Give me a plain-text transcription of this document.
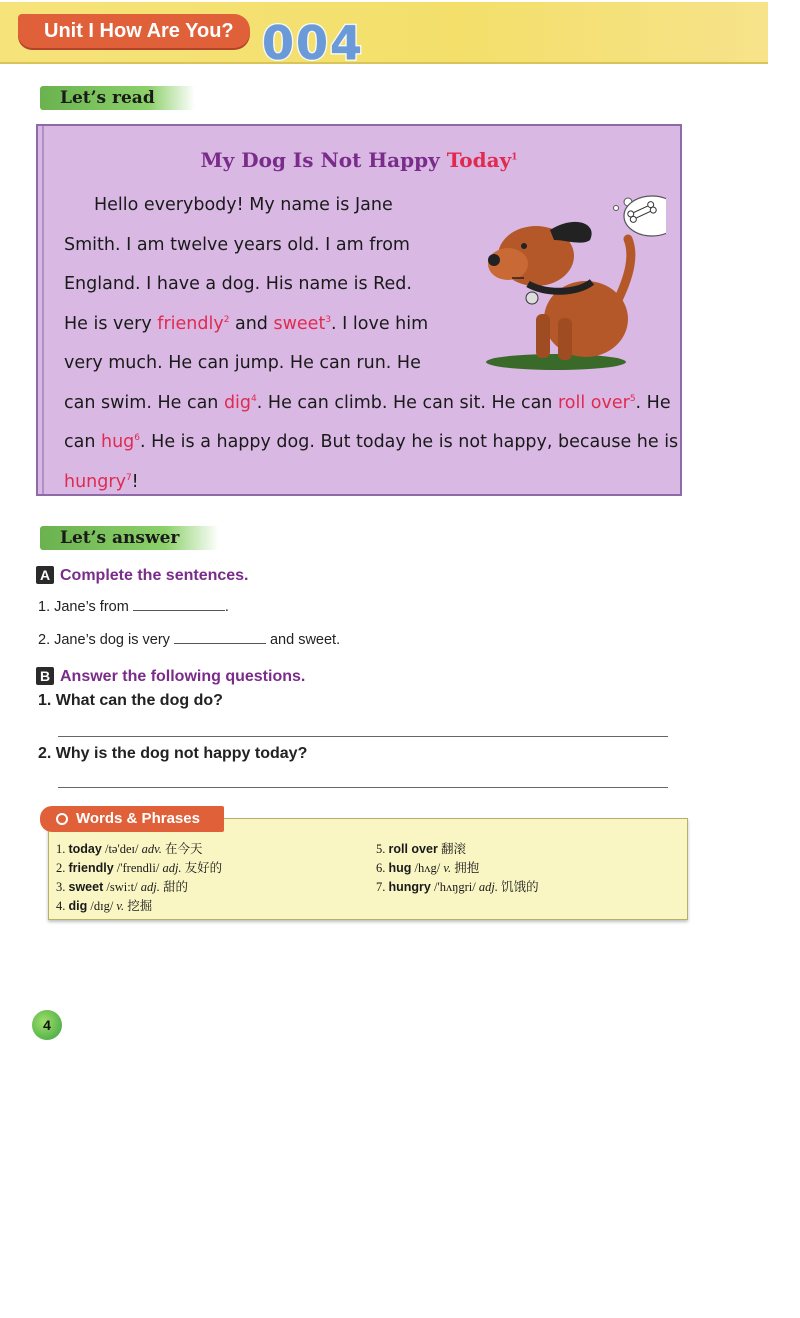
Unit I How Are You? 004
Let’s read
My Dog Is Not Happy Today$^1$
Hello everybody! My name is Jane
Smith. I am twelve years old. I am from
England. I have a dog. His name is Red.
He is very friendly$^2$ and sweet$^3$. I love him
very much. He can jump. He can run. He
can swim. He can dig$^4$. He can climb. He can sit. He can roll over$^5$. He
can hug$^6$. He is a happy dog. But today he is not happy, because he is
hungry$^7$!
Let’s answer
A Complete the sentences.
1. Jane’s from	.
2. Jane’s dog is very	and sweet.
B Answer the following questions.
1. What can the dog do?
2. Why is the dog not happy today?
Words & Phrases
1. today /tə'deɪ/ adv. 在今天
2. friendly /'frendli/ adj. 友好的
3. sweet /swi:t/ adj. 甜的
4. dig /dɪg/ v. 挖掘
5. roll over 翻滚
6. hug /hʌg/ v. 拥抱
7. hungry /'hʌŋgri/ adj. 饥饿的
4
